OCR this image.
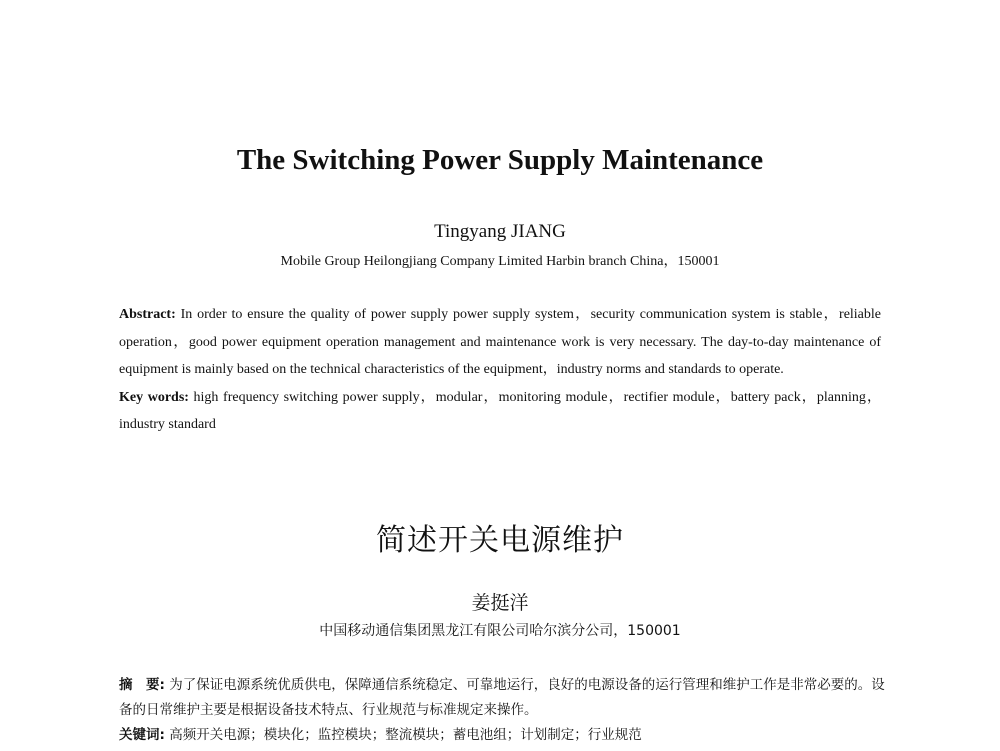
The Switching Power Supply Maintenance
Tingyang JIANG
Mobile Group Heilongjiang Company Limited Harbin branch China，150001

Abstract: In order to ensure the quality of power supply power supply system，security communication system is stable，reliable operation，good power equipment operation management and maintenance work is very necessary. The day-to-day maintenance of equipment is mainly based on the technical characteristics of the equipment，industry norms and standards to operate.

Key words: high frequency switching power supply，modular，monitoring module，rectifier module，battery pack，planning，industry standard

简述开关电源维护
姜挺洋
中国移动通信集团黑龙江有限公司哈尔滨分公司，150001

摘　要: 为了保证电源系统优质供电，保障通信系统稳定、可靠地运行，良好的电源设备的运行管理和维护工作是非常必要的。设备的日常维护主要是根据设备技术特点、行业规范与标准规定来操作。

关键词: 高频开关电源；模块化；监控模块；整流模块；蓄电池组；计划制定；行业规范
